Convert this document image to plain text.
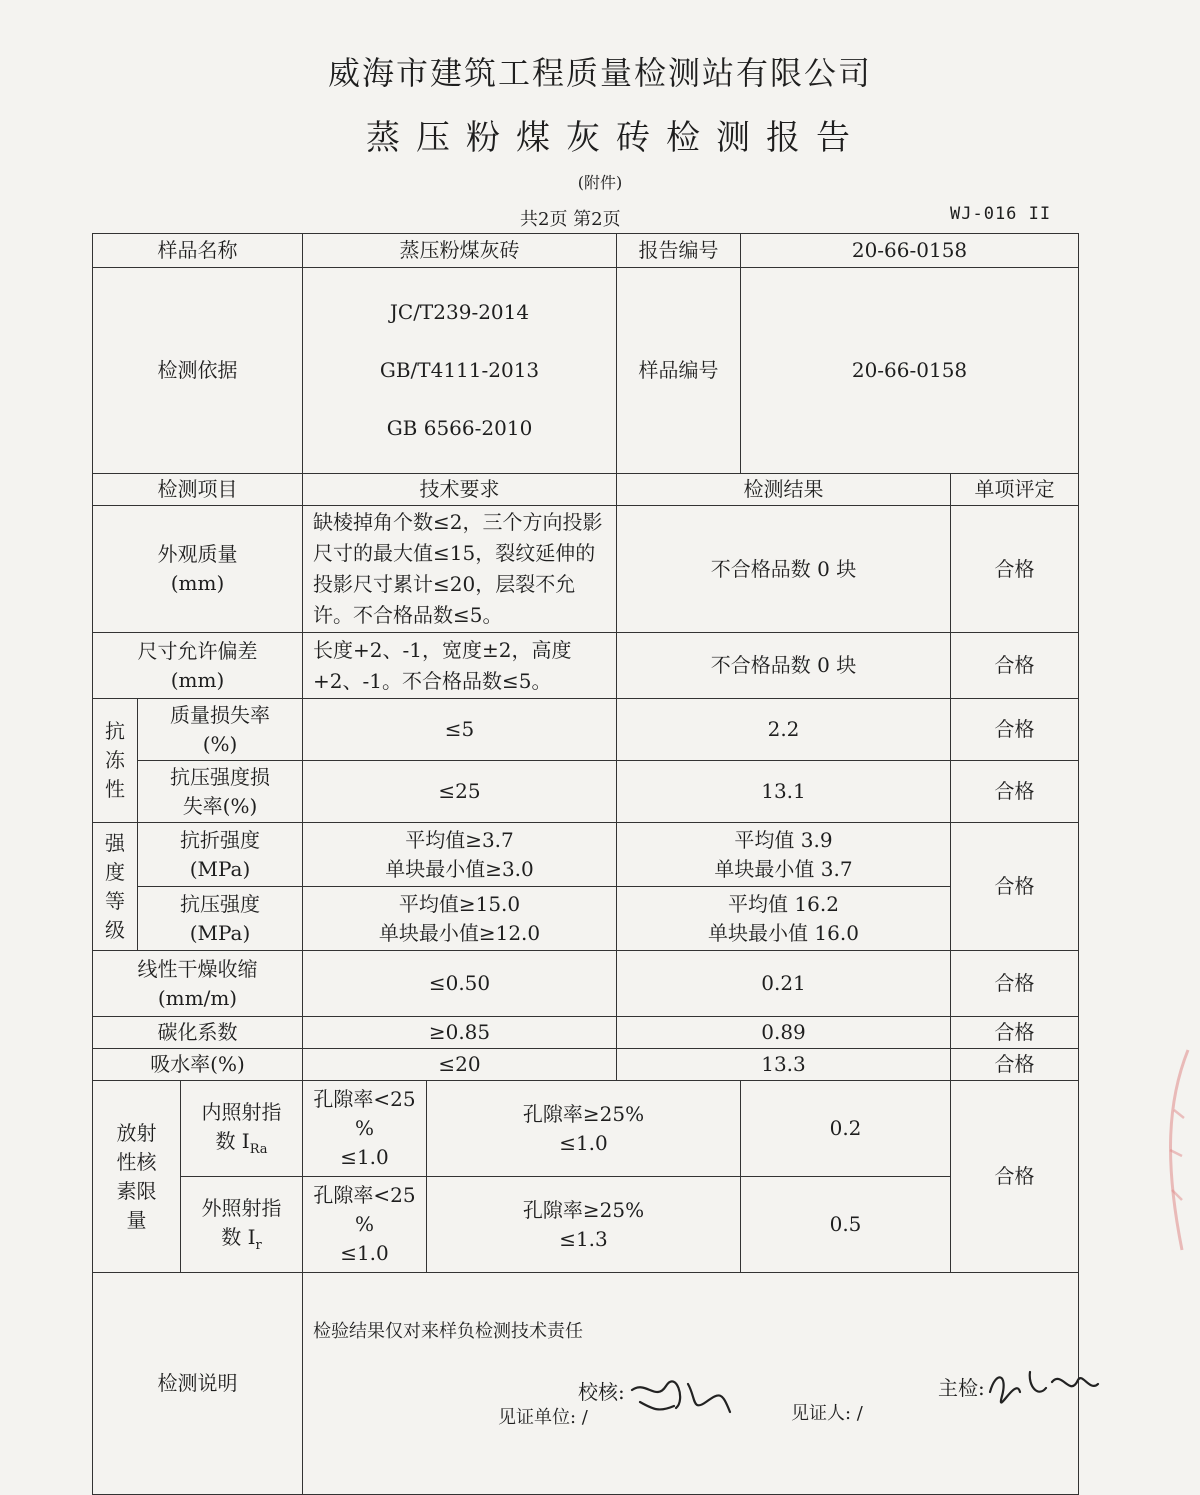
威海市建筑工程质量检测站有限公司
蒸压粉煤灰砖检测报告
(附件)
共2页 第2页	WJ-016 II
样品名称			蒸压粉煤灰砖		报告编号	20-66-0158	
检测依据			JC/T239-2014

GB/T4111-2013

GB 6566-2010		样品编号	20-66-0158	
检测项目			技术要求		检测结果		单项评定
外观质量
(mm)			缺棱掉角个数≤2，三个方向投影尺寸的最大值≤15，裂纹延伸的投影尺寸累计≤20，层裂不允许。不合格品数≤5。		不合格品数 0 块		合格
尺寸允许偏差
(mm)			长度+2、-1，宽度±2，高度+2、-1。不合格品数≤5。		不合格品数 0 块		合格
抗
冻
性	质量损失率
(%)		≤5		2.2		合格
	抗压强度损
失率(%)		≤25		13.1		合格
强
度
等
级	抗折强度
(MPa)		平均值≥3.7
单块最小值≥3.0		平均值 3.9
单块最小值 3.7		合格
	抗压强度
(MPa)		平均值≥15.0
单块最小值≥12.0		平均值 16.2
单块最小值 16.0		
线性干燥收缩
(mm/m)			≤0.50		0.21		合格
碳化系数			≥0.85		0.89		合格
吸水率(%)			≤20		13.3		合格
放射
性核
素限
量		内照射指
数 $I_{Ra}$	孔隙率<25
%
≤1.0	孔隙率≥25%
≤1.0		0.2	合格
		外照射指
数 $I_r$	孔隙率<25
%
≤1.0	孔隙率≥25%
≤1.3		0.5	
检测说明			检验结果仅对来样负检测技术责任

见证单位: / 见证人: /				

校核:	主检:
